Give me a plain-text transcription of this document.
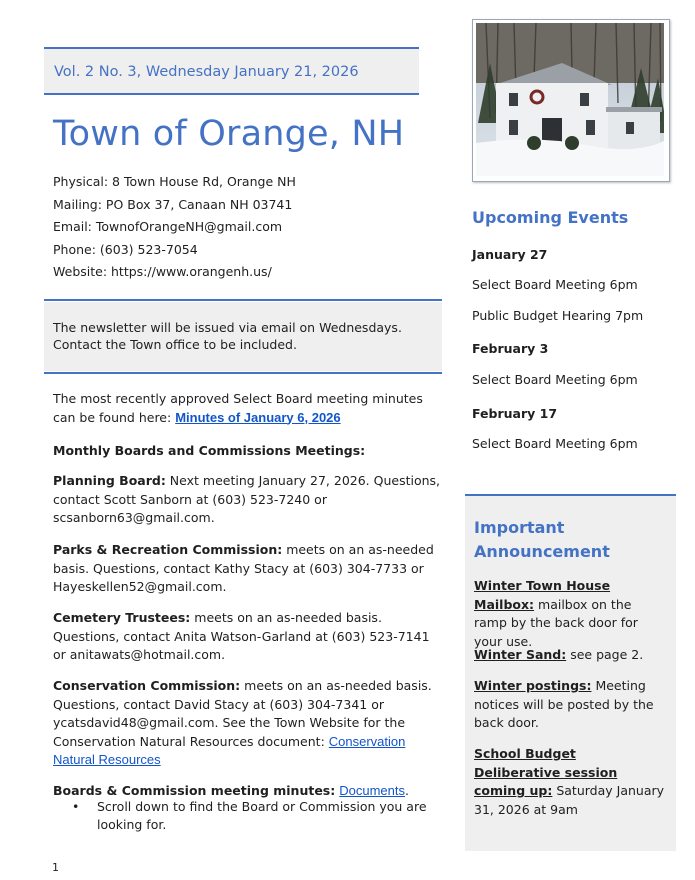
Vol. 2 No. 3, Wednesday January 21, 2026
Town of Orange, NH
Physical: 8 Town House Rd, Orange NH
Mailing: PO Box 37, Canaan NH 03741
Email: TownofOrangeNH@gmail.com
Phone: (603) 523-7054
Website: https://www.orangenh.us/
The newsletter will be issued via email on Wednesdays. Contact the Town office to be included.
The most recently approved Select Board meeting minutes can be found here: Minutes of January 6, 2026
Monthly Boards and Commissions Meetings:
Planning Board: Next meeting January 27, 2026. Questions, contact Scott Sanborn at (603) 523-7240 or scsanborn63@gmail.com.
Parks & Recreation Commission: meets on an as-needed basis. Questions, contact Kathy Stacy at (603) 304-7733 or Hayeskellen52@gmail.com.
Cemetery Trustees: meets on an as-needed basis. Questions, contact Anita Watson-Garland at (603) 523-7141 or anitawats@hotmail.com.
Conservation Commission: meets on an as-needed basis. Questions, contact David Stacy at (603) 304-7341 or ycatsdavid48@gmail.com. See the Town Website for the Conservation Natural Resources document: Conservation Natural Resources
Boards & Commission meeting minutes: Documents.
• Scroll down to find the Board or Commission you are looking for.
1
Upcoming Events
January 27
Select Board Meeting 6pm
Public Budget Hearing 7pm
February 3
Select Board Meeting 6pm
February 17
Select Board Meeting 6pm
Important Announcement
Winter Town House Mailbox: mailbox on the ramp by the back door for your use.
Winter Sand: see page 2.
Winter postings: Meeting notices will be posted by the back door.
School Budget Deliberative session coming up: Saturday January 31, 2026 at 9am
